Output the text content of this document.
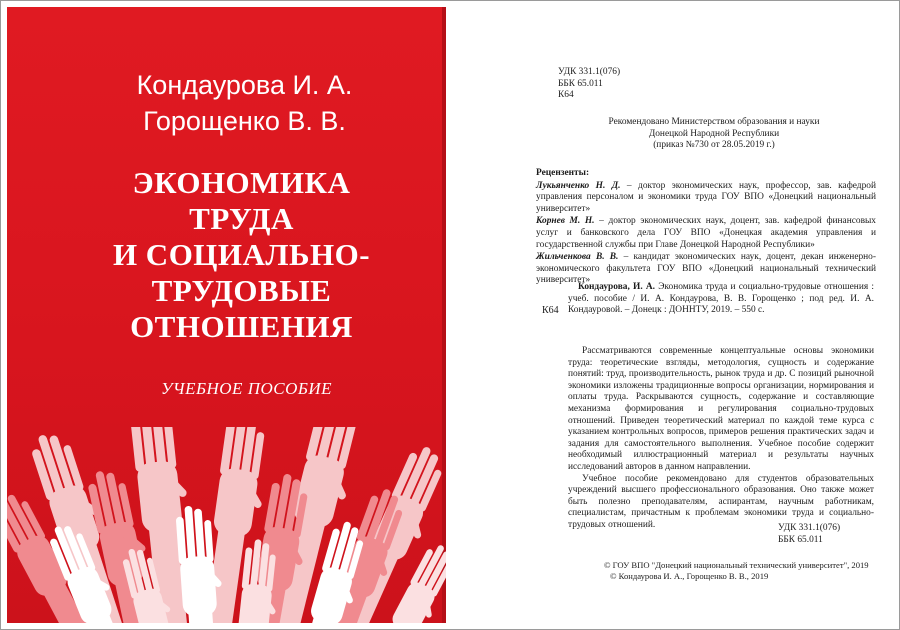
Кондаурова И. А.
Горощенко В. В.
ЭКОНОМИКА
ТРУДА
И СОЦИАЛЬНО-
ТРУДОВЫЕ
ОТНОШЕНИЯ
УЧЕБНОЕ ПОСОБИЕ
УДК 331.1(076)
ББК 65.011
К64
Рекомендовано Министерством образования и науки
Донецкой Народной Республики
(приказ №730 от 28.05.2019 г.)

Рецензенты:

Лукьянченко Н. Д. – доктор экономических наук, профессор, зав. кафедрой управления персоналом и экономики труда ГОУ ВПО «Донецкий национальный университет»

Корнев М. Н. – доктор экономических наук, доцент, зав. кафедрой финансовых услуг и банковского дела ГОУ ВПО «Донецкая академия управления и государственной службы при Главе Донецкой Народной Республики»

Жильченкова В. В. – кандидат экономических наук, доцент, декан инженерно-экономического факультета ГОУ ВПО «Донецкий национальный технический университет»

К64

Кондаурова, И. А. Экономика труда и социально-трудовые отношения : учеб. пособие / И. А. Кондаурова, В. В. Горощенко ; под ред. И. А. Кондауровой. – Донецк : ДОННТУ, 2019. – 550 с.

Рассматриваются современные концептуальные основы экономики труда: теоретические взгляды, методология, сущность и содержание понятий: труд, производительность, рынок труда и др. С позиций рыночной экономики изложены традиционные вопросы организации, нормирования и оплаты труда. Раскрываются сущность, содержание и составляющие механизма формирования и регулирования социально-трудовых отношений. Приведен теоретический материал по каждой теме курса с указанием контрольных вопросов, примеров решения практических задач и задания для самостоятельного выполнения. Учебное пособие содержит необходимый иллюстрационный материал и результаты научных исследований авторов в данном направлении.

Учебное пособие рекомендовано для студентов образовательных учреждений высшего профессионального образования. Оно также может быть полезно преподавателям, аспирантам, научным работникам, специалистам, причастным к проблемам экономики труда и социально-трудовых отношений.	УДК 331.1(076)
ББК 65.011
© ГОУ ВПО "Донецкий национальный технический университет", 2019
© Кондаурова И. А., Горощенко В. В., 2019
